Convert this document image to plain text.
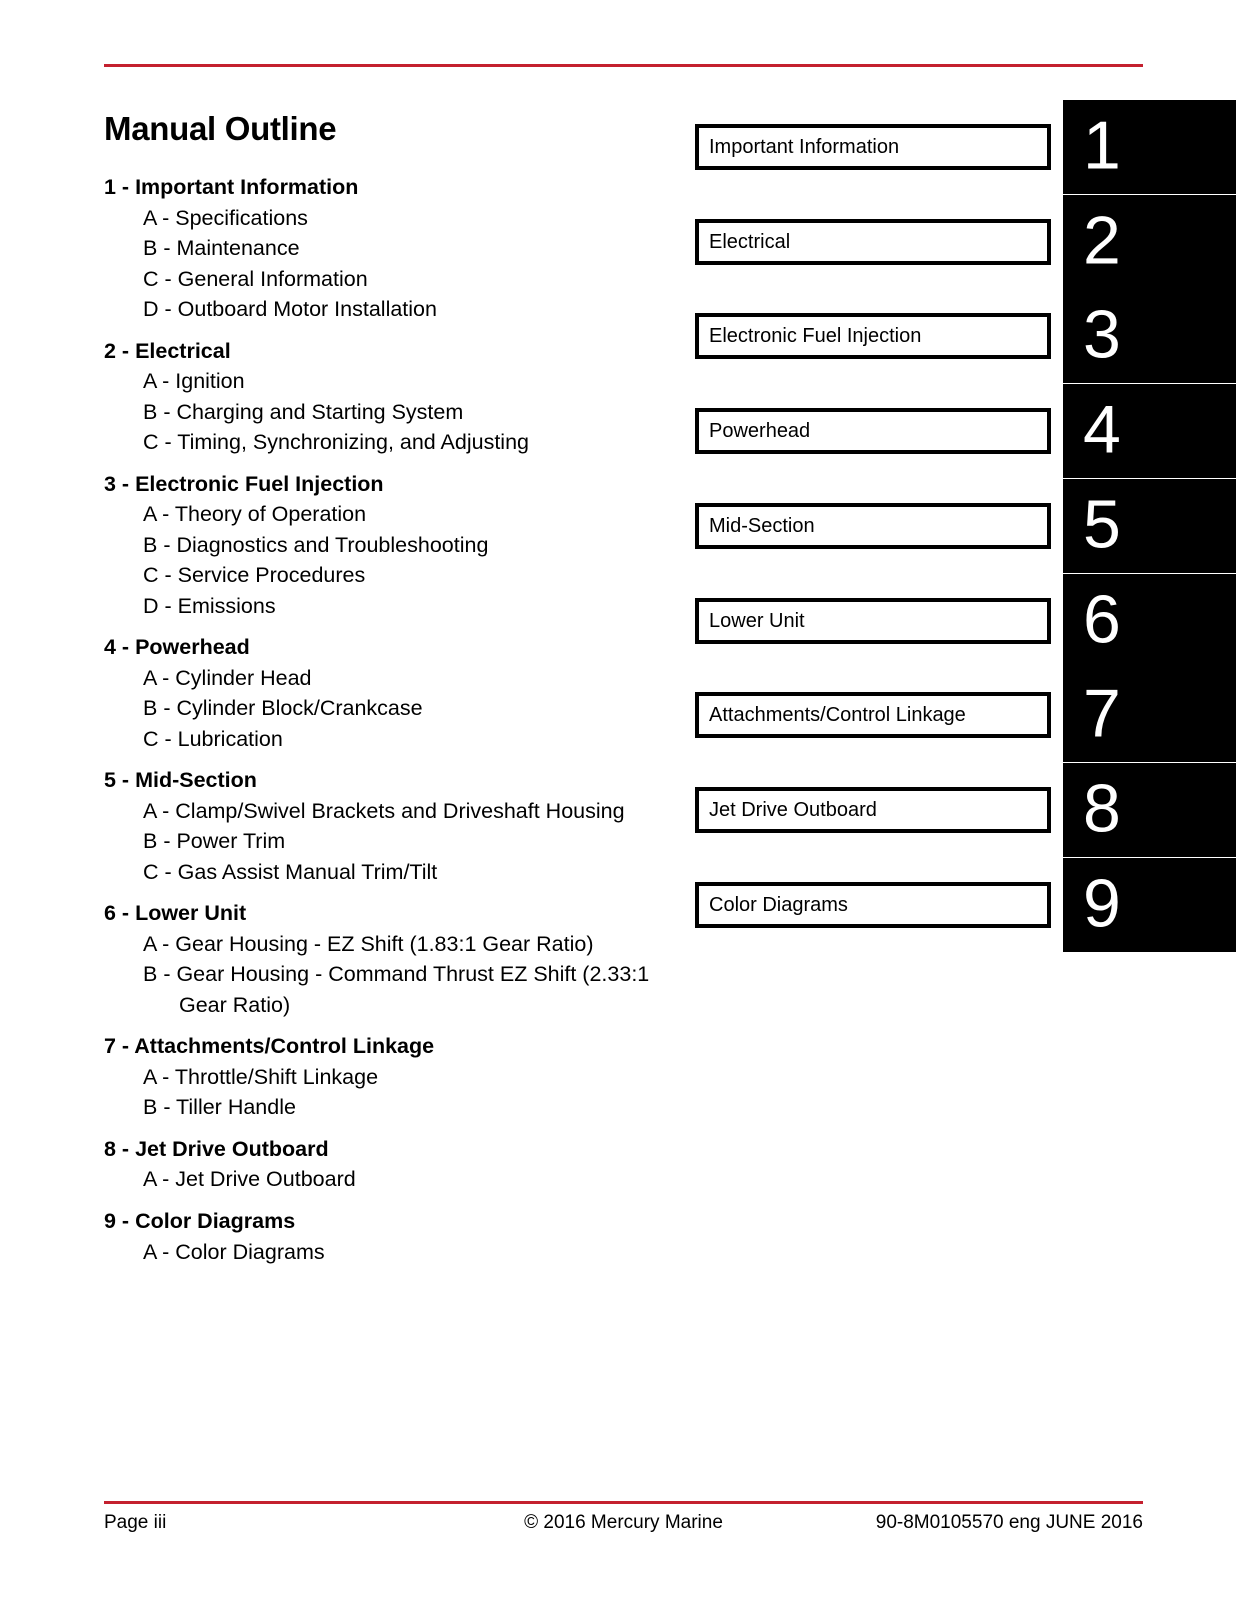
Manual Outline
1 - Important Information
A - Specifications
B - Maintenance
C - General Information
D - Outboard Motor Installation
2 - Electrical
A - Ignition
B - Charging and Starting System
C - Timing, Synchronizing, and Adjusting
3 - Electronic Fuel Injection
A - Theory of Operation
B - Diagnostics and Troubleshooting
C - Service Procedures
D - Emissions
4 - Powerhead
A - Cylinder Head
B - Cylinder Block/Crankcase
C - Lubrication
5 - Mid-Section
A - Clamp/Swivel Brackets and Driveshaft Housing
B - Power Trim
C - Gas Assist Manual Trim/Tilt
6 - Lower Unit
A - Gear Housing - EZ Shift (1.83:1 Gear Ratio)
B - Gear Housing - Command Thrust EZ Shift (2.33:1
Gear Ratio)
7 - Attachments/Control Linkage
A - Throttle/Shift Linkage
B - Tiller Handle
8 - Jet Drive Outboard
A - Jet Drive Outboard
9 - Color Diagrams
A - Color Diagrams
1
Important Information
2
Electrical
3
Electronic Fuel Injection
4
Powerhead
5
Mid-Section
6
Lower Unit
7
Attachments/Control Linkage
8
Jet Drive Outboard
9
Color Diagrams
Page iii	© 2016 Mercury Marine	90-8M0105570 eng JUNE 2016
